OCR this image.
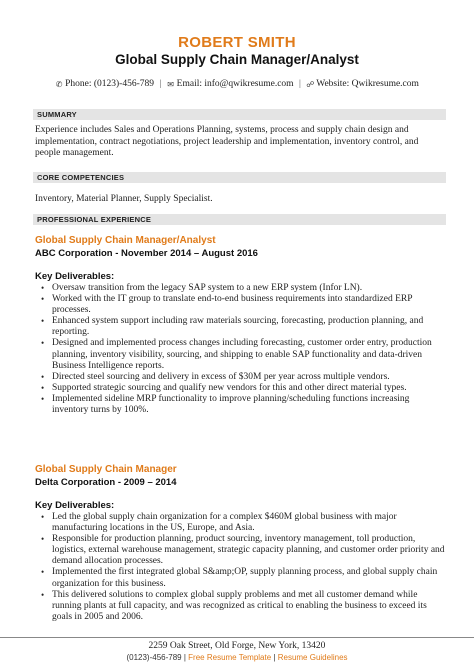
ROBERT SMITH
Global Supply Chain Manager/Analyst
✆ Phone: (0123)-456-789 | ✉ Email: info@qwikresume.com | ☍ Website: Qwikresume.com
SUMMARY
Experience includes Sales and Operations Planning, systems, process and supply chain design and implementation, contract negotiations, project leadership and implementation, inventory control, and people management.
CORE COMPETENCIES
Inventory, Material Planner, Supply Specialist.
PROFESSIONAL EXPERIENCE
Global Supply Chain Manager/Analyst
ABC Corporation - November 2014 – August 2016
Key Deliverables:
• Oversaw transition from the legacy SAP system to a new ERP system (Infor LN).
• Worked with the IT group to translate end-to-end business requirements into standardized ERP processes.
• Enhanced system support including raw materials sourcing, forecasting, production planning, and reporting.
• Designed and implemented process changes including forecasting, customer order entry, production planning, inventory visibility, sourcing, and shipping to enable SAP functionality and data-driven Business Intelligence reports.
• Directed steel sourcing and delivery in excess of $30M per year across multiple vendors.
• Supported strategic sourcing and qualify new vendors for this and other direct material types.
• Implemented sideline MRP functionality to improve planning/scheduling functions increasing inventory turns by 100%.
Global Supply Chain Manager
Delta Corporation - 2009 – 2014
Key Deliverables:
• Led the global supply chain organization for a complex $460M global business with major manufacturing locations in the US, Europe, and Asia.
• Responsible for production planning, product sourcing, inventory management, toll production, logistics, external warehouse management, strategic capacity planning, and customer order priority and demand allocation processes.
• Implemented the first integrated global S&amp;OP, supply planning process, and global supply chain organization for this business.
• This delivered solutions to complex global supply problems and met all customer demand while running plants at full capacity, and was recognized as critical to enabling the business to exceed its goals in 2005 and 2006.
2259 Oak Street, Old Forge, New York, 13420
(0123)-456-789 | Free Resume Template | Resume Guidelines
